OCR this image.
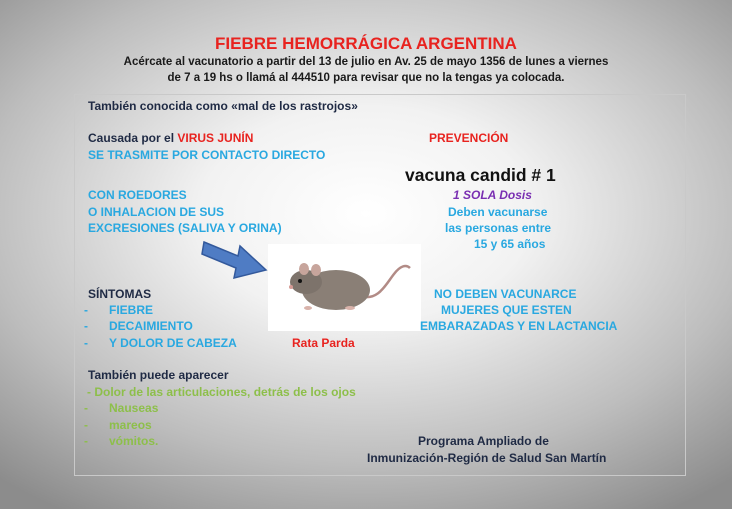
FIEBRE HEMORRÁGICA ARGENTINA
Acércate al vacunatorio a partir del 13 de julio en Av. 25 de mayo 1356 de lunes a viernes
de 7 a 19 hs o llamá al 444510 para revisar que no la tengas ya colocada.
También conocida como «mal de los rastrojos»
Causada por el VIRUS JUNÍN
SE TRASMITE POR CONTACTO DIRECTO
CON ROEDORES
O INHALACION DE SUS
EXCRESIONES (SALIVA Y ORINA)
PREVENCIÓN
vacuna candid # 1
1 SOLA Dosis
Deben vacunarse
las personas entre
15 y 65 años
Rata Parda
SÍNTOMAS
- FIEBRE
- DECAIMIENTO
- Y DOLOR DE CABEZA
NO DEBEN VACUNARCE
MUJERES QUE ESTEN
EMBARAZADAS Y EN LACTANCIA
También puede aparecer
- Dolor de las articulaciones, detrás de los ojos
- Nauseas
- mareos
- vómitos.	Programa Ampliado de
Inmunización-Región de Salud San Martín
